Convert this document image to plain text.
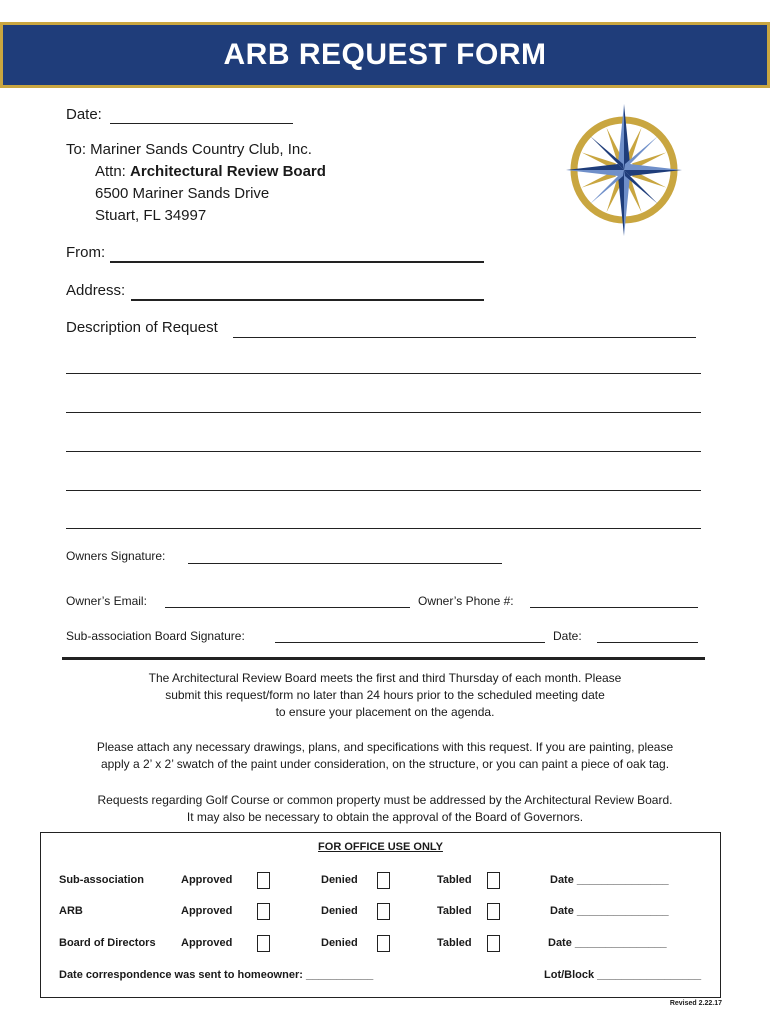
ARB REQUEST FORM
Date:
To: Mariner Sands Country Club, Inc.
Attn: Architectural Review Board
6500 Mariner Sands Drive
Stuart, FL 34997
From:
Address:
Description of Request
Owners Signature:
Owner’s Email:	Owner’s Phone #:
Sub-association Board Signature:	Date:
The Architectural Review Board meets the first and third Thursday of each month. Please
submit this request/form no later than 24 hours prior to the scheduled meeting date
to ensure your placement on the agenda.
Please attach any necessary drawings, plans, and specifications with this request. If you are painting, please
apply a 2’ x 2’ swatch of the paint under consideration, on the structure, or you can paint a piece of oak tag.
Requests regarding Golf Course or common property must be addressed by the Architectural Review Board.
It may also be necessary to obtain the approval of the Board of Governors.
FOR OFFICE USE ONLY
Sub-association	Approved	Denied	Tabled	Date _______________
ARB	Approved	Denied	Tabled	Date _______________
Board of Directors Approved	Denied	Tabled	Date _______________
Date correspondence was sent to homeowner: ___________	Lot/Block _________________
Revised 2.22.17
